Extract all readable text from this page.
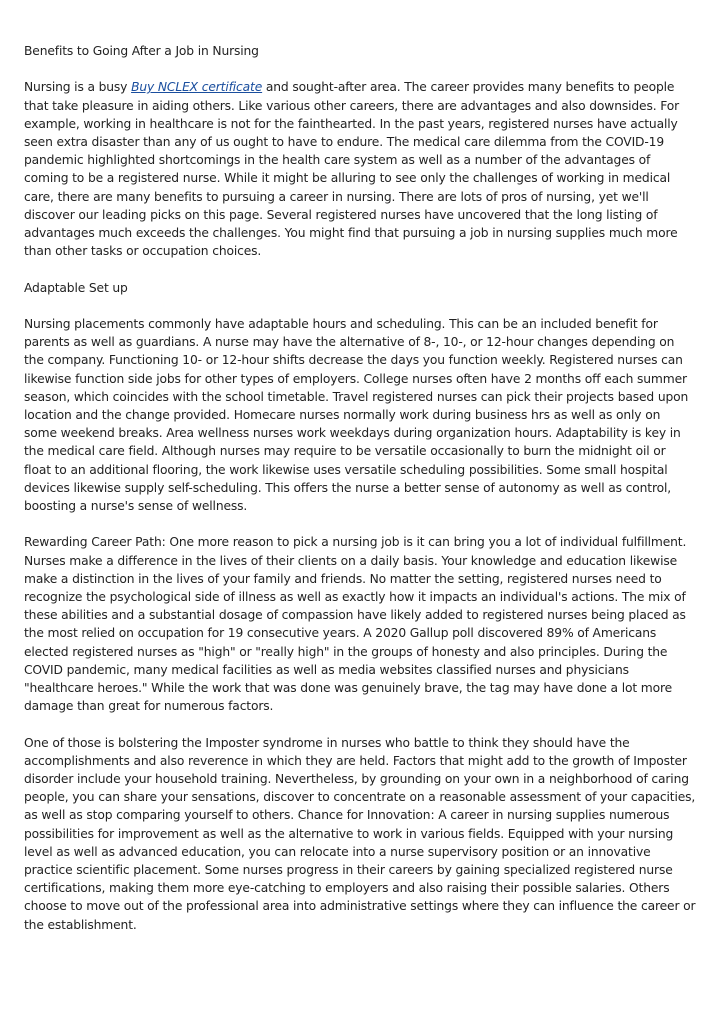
Benefits to Going After a Job in Nursing

Nursing is a busy Buy NCLEX certificate and sought-after area. The career provides many benefits to people that take pleasure in aiding others. Like various other careers, there are advantages and also downsides. For example, working in healthcare is not for the fainthearted. In the past years, registered nurses have actually seen extra disaster than any of us ought to have to endure. The medical care dilemma from the COVID-19 pandemic highlighted shortcomings in the health care system as well as a number of the advantages of coming to be a registered nurse. While it might be alluring to see only the challenges of working in medical care, there are many benefits to pursuing a career in nursing. There are lots of pros of nursing, yet we'll discover our leading picks on this page. Several registered nurses have uncovered that the long listing of advantages much exceeds the challenges. You might find that pursuing a job in nursing supplies much more than other tasks or occupation choices.

Adaptable Set up

Nursing placements commonly have adaptable hours and scheduling. This can be an included benefit for parents as well as guardians. A nurse may have the alternative of 8-, 10-, or 12-hour changes depending on the company. Functioning 10- or 12-hour shifts decrease the days you function weekly. Registered nurses can likewise function side jobs for other types of employers. College nurses often have 2 months off each summer season, which coincides with the school timetable. Travel registered nurses can pick their projects based upon location and the change provided. Homecare nurses normally work during business hrs as well as only on some weekend breaks. Area wellness nurses work weekdays during organization hours. Adaptability is key in the medical care field. Although nurses may require to be versatile occasionally to burn the midnight oil or float to an additional flooring, the work likewise uses versatile scheduling possibilities. Some small hospital devices likewise supply self-scheduling. This offers the nurse a better sense of autonomy as well as control, boosting a nurse's sense of wellness.

Rewarding Career Path: One more reason to pick a nursing job is it can bring you a lot of individual fulfillment. Nurses make a difference in the lives of their clients on a daily basis. Your knowledge and education likewise make a distinction in the lives of your family and friends. No matter the setting, registered nurses need to recognize the psychological side of illness as well as exactly how it impacts an individual's actions. The mix of these abilities and a substantial dosage of compassion have likely added to registered nurses being placed as the most relied on occupation for 19 consecutive years. A 2020 Gallup poll discovered 89% of Americans elected registered nurses as "high" or "really high" in the groups of honesty and also principles. During the COVID pandemic, many medical facilities as well as media websites classified nurses and physicians "healthcare heroes." While the work that was done was genuinely brave, the tag may have done a lot more damage than great for numerous factors.

One of those is bolstering the Imposter syndrome in nurses who battle to think they should have the accomplishments and also reverence in which they are held. Factors that might add to the growth of Imposter disorder include your household training. Nevertheless, by grounding on your own in a neighborhood of caring people, you can share your sensations, discover to concentrate on a reasonable assessment of your capacities, as well as stop comparing yourself to others. Chance for Innovation: A career in nursing supplies numerous possibilities for improvement as well as the alternative to work in various fields. Equipped with your nursing level as well as advanced education, you can relocate into a nurse supervisory position or an innovative practice scientific placement. Some nurses progress in their careers by gaining specialized registered nurse certifications, making them more eye-catching to employers and also raising their possible salaries. Others choose to move out of the professional area into administrative settings where they can influence the career or the establishment.
